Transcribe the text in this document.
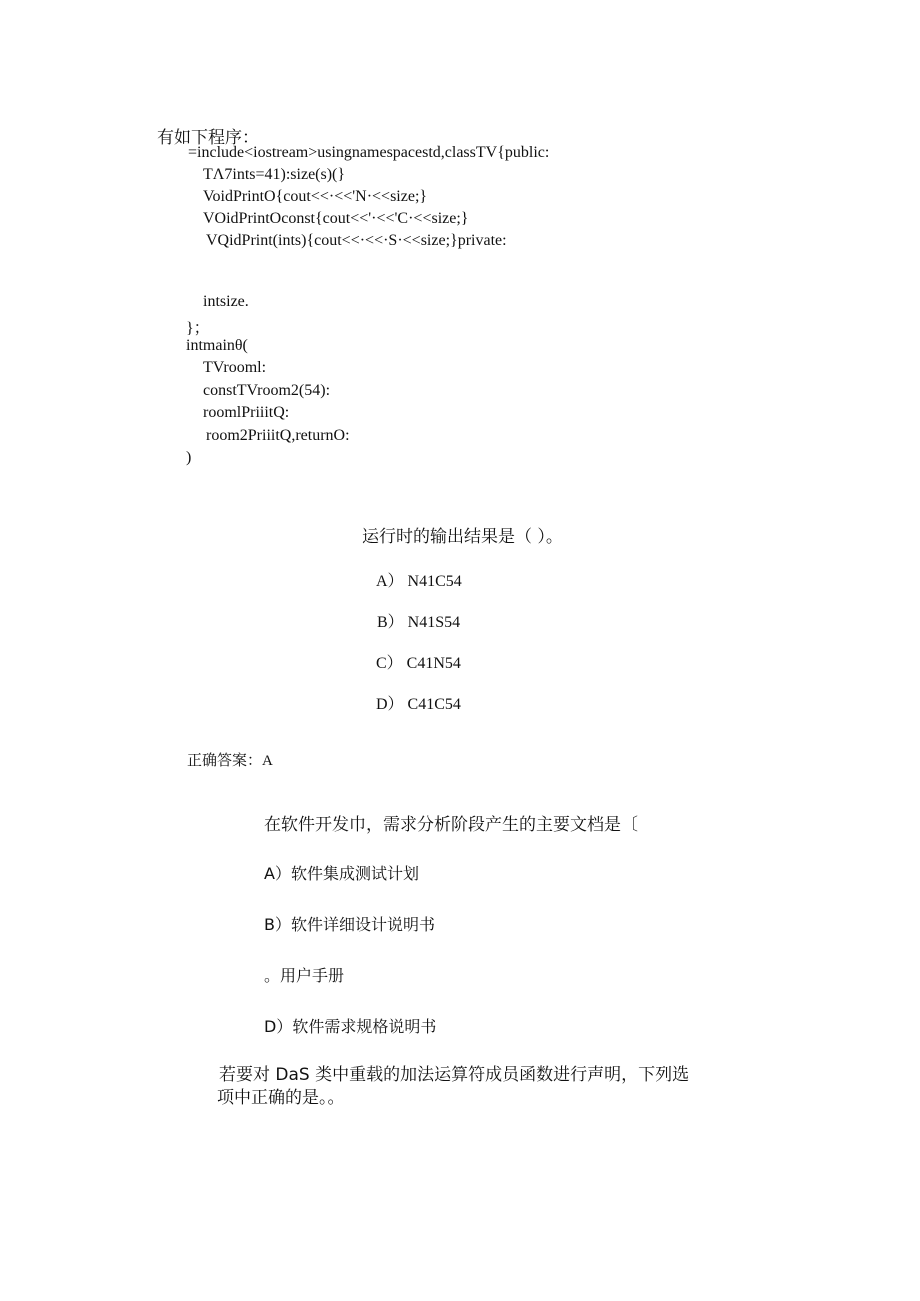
有如下程序：
=include<iostream>usingnamespacestd,classTV{public:
TΛ7ints=41):size(s)(}
VoidPrintO{cout<<·<<'N·<<size;}
VOidPrintOconst{cout<<'·<<'C·<<size;}
VQidPrint(ints){cout<<·<<·S·<<size;}private:
intsize.
}；
intmainθ(
TVrooml:
constTVroom2(54):
roomlPriiitQ:
room2PriiitQ,returnO:
)
运行时的输出结果是（ ）。
A） N41C54
B） N41S54
C） C41N54
D） C41C54
正确答案：A
在软件开发巾，需求分析阶段产生的主要文档是〔
A）软件集成测试计划
B）软件详细设计说明书
。用户手册
D）软件需求规格说明书
若要对 DaS 类中重载的加法运算符成员函数进行声明，下列选
项中正确的是。。
